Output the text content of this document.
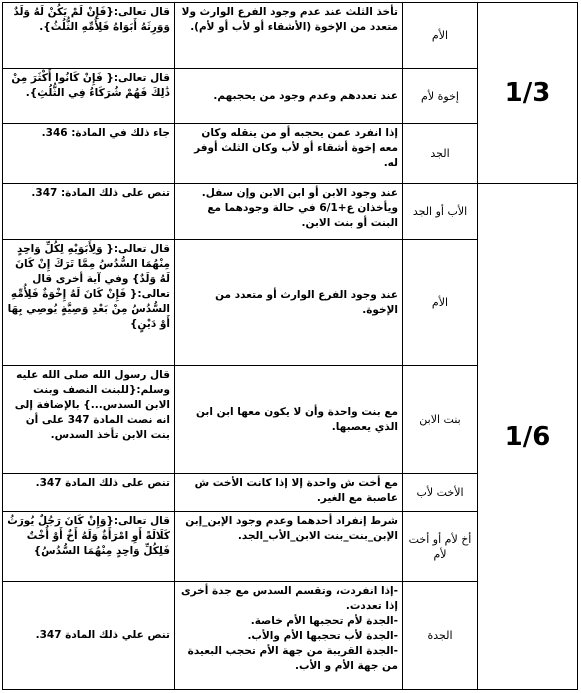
1/3	الأم	تأخذ الثلث عند عدم وجود الفرع الوارث ولا متعدد من الإخوة (الأشقاء أو لأب أو لأم).	قال تعالى:{فَإِنْ لَمْ يَكُنْ لَهُ وَلَدٌ وَوَرِثَهُ أَبَوَاهُ فَلِأُمِّهِ الثُّلُثُ}.
	إخوة لأم	عند تعددهم وعدم وجود من يحجبهم.	قال تعالى:{ فَإِنْ كَانُوا أَكْثَرَ مِنْ ذَٰلِكَ فَهُمْ شُرَكَاءُ فِي الثُّلُثِ}.
	الجد	إذا انفرد عمن يحجبه أو من ينقله وكان معه إخوة أشقاء أو لأب وكان الثلث أوفر له.	جاء ذلك في المادة: 346.
1/6	الأب أو الجد	عند وجود الابن أو ابن الابن وإن سفل. ويأخذان ع+6/1 في حالة وجودهما مع البنت أو بنت الابن.	تنص على ذلك المادة: 347.
	الأم	عند وجود الفرع الوارث أو متعدد من الإخوة.	قال تعالى:{ وَلِأَبَوَيْهِ لِكُلِّ وَاحِدٍ مِنْهُمَا السُّدُسُ مِمَّا تَرَكَ إِنْ كَانَ لَهُ وَلَدٌ} وفي آية أخرى قال تعالى:{ فَإِنْ كَانَ لَهُ إِخْوَةٌ فَلِأُمِّهِ السُّدُسُ مِنْ بَعْدِ وَصِيَّةٍ يُوصِي بِهَا أَوْ دَيْنٍ}
	بنت الابن	مع بنت واحدة وأن لا يكون معها ابن ابن الذي يعصبها.	قال رسول الله صلى الله عليه وسلم:{للبنت النصف وبنت الابن السدس...} بالإضافة إلى انه نصت المادة 347 على أن بنت الابن تأخذ السدس.
	الأخت لأب	مع أخت ش واحدة إلا إذا كانت الأخت ش عاصبة مع الغير.	تنص على ذلك المادة 347.
	أخ لأم أو أخت لأم	شرط إنفراد أحدهما وعدم وجود الإبن_إبن الإبن_بنت_بنت الابن_الأب_الجد.	قال تعالى:{وَإِنْ كَانَ رَجُلٌ يُورَثُ كَلَالَةً أَوِ امْرَأَةٌ وَلَهُ أَخٌ أَوْ أُخْتٌ فَلِكُلِّ وَاحِدٍ مِنْهُمَا السُّدُسُ}
	الجدة	-إذا انفردت، وتقسم السدس مع جدة أخرى إذا تعددت.
-الجدة لأم تحجبها الأم خاصة.
-الجدة لأب تحجبها الأم والأب.
-الجدة القريبة من جهة الأم تحجب البعيدة من جهة الأم و الأب.	تنص علي ذلك المادة 347.
